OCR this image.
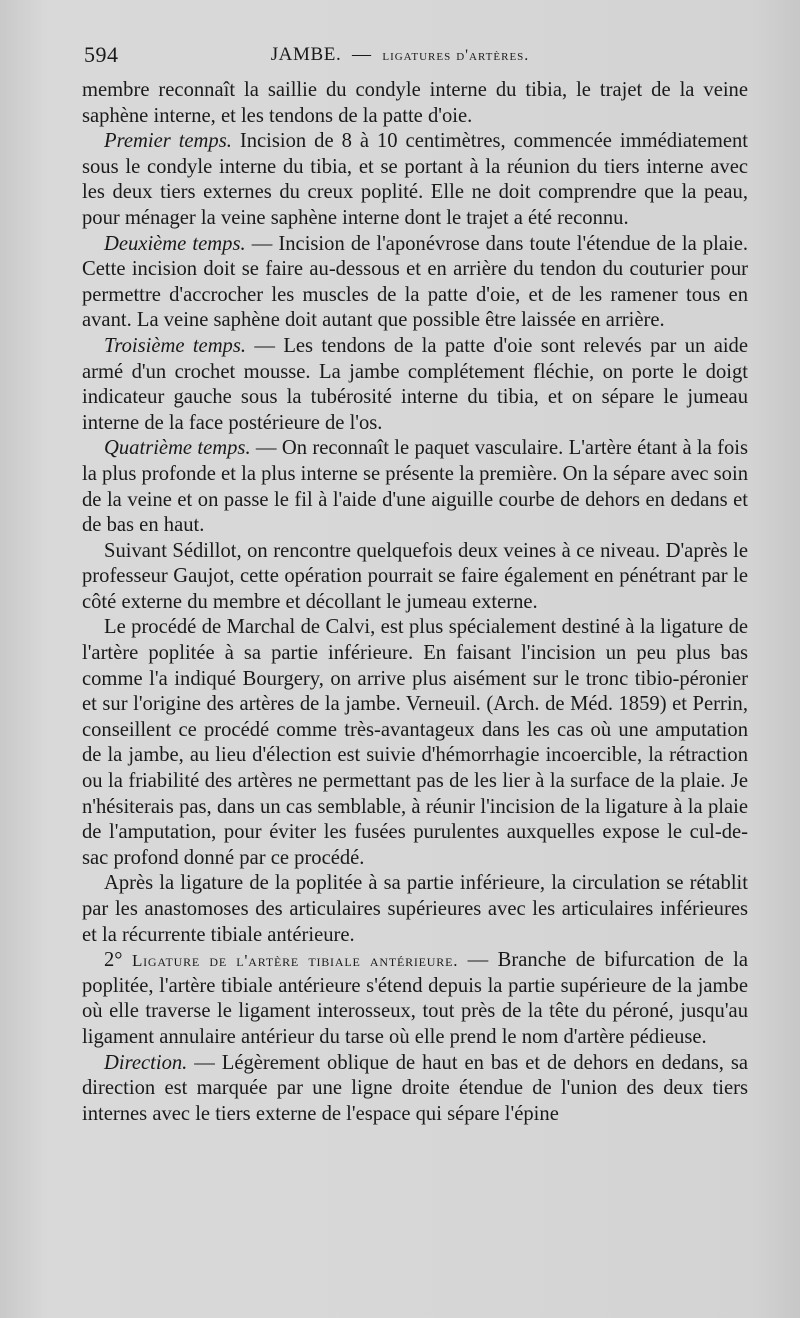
594	JAMBE. — ligatures d'artères.

membre reconnaît la saillie du condyle interne du tibia, le trajet de la veine saphène interne, et les tendons de la patte d'oie.

Premier temps. Incision de 8 à 10 centimètres, commencée immédiatement sous le condyle interne du tibia, et se portant à la réunion du tiers interne avec les deux tiers externes du creux poplité. Elle ne doit comprendre que la peau, pour ménager la veine saphène interne dont le trajet a été reconnu.

Deuxième temps. — Incision de l'aponévrose dans toute l'étendue de la plaie. Cette incision doit se faire au-dessous et en arrière du tendon du couturier pour permettre d'accrocher les muscles de la patte d'oie, et de les ramener tous en avant. La veine saphène doit autant que possible être laissée en arrière.

Troisième temps. — Les tendons de la patte d'oie sont relevés par un aide armé d'un crochet mousse. La jambe complétement fléchie, on porte le doigt indicateur gauche sous la tubérosité interne du tibia, et on sépare le jumeau interne de la face postérieure de l'os.

Quatrième temps. — On reconnaît le paquet vasculaire. L'artère étant à la fois la plus profonde et la plus interne se présente la première. On la sépare avec soin de la veine et on passe le fil à l'aide d'une aiguille courbe de dehors en dedans et de bas en haut.

Suivant Sédillot, on rencontre quelquefois deux veines à ce niveau. D'après le professeur Gaujot, cette opération pourrait se faire également en pénétrant par le côté externe du membre et décollant le jumeau externe.

Le procédé de Marchal de Calvi, est plus spécialement destiné à la ligature de l'artère poplitée à sa partie inférieure. En faisant l'incision un peu plus bas comme l'a indiqué Bourgery, on arrive plus aisément sur le tronc tibio-péronier et sur l'origine des artères de la jambe. Verneuil. (Arch. de Méd. 1859) et Perrin, conseillent ce procédé comme très-avantageux dans les cas où une amputation de la jambe, au lieu d'élection est suivie d'hémorrhagie incoercible, la rétraction ou la friabilité des artères ne permettant pas de les lier à la surface de la plaie. Je n'hésiterais pas, dans un cas semblable, à réunir l'incision de la ligature à la plaie de l'amputation, pour éviter les fusées purulentes auxquelles expose le cul-de-sac profond donné par ce procédé.

Après la ligature de la poplitée à sa partie inférieure, la circulation se rétablit par les anastomoses des articulaires supérieures avec les articulaires inférieures et la récurrente tibiale antérieure.

2° Ligature de l'artère tibiale antérieure. — Branche de bifurcation de la poplitée, l'artère tibiale antérieure s'étend depuis la partie supérieure de la jambe où elle traverse le ligament interosseux, tout près de la tête du péroné, jusqu'au ligament annulaire antérieur du tarse où elle prend le nom d'artère pédieuse.

Direction. — Légèrement oblique de haut en bas et de dehors en dedans, sa direction est marquée par une ligne droite étendue de l'union des deux tiers internes avec le tiers externe de l'espace qui sépare l'épine
